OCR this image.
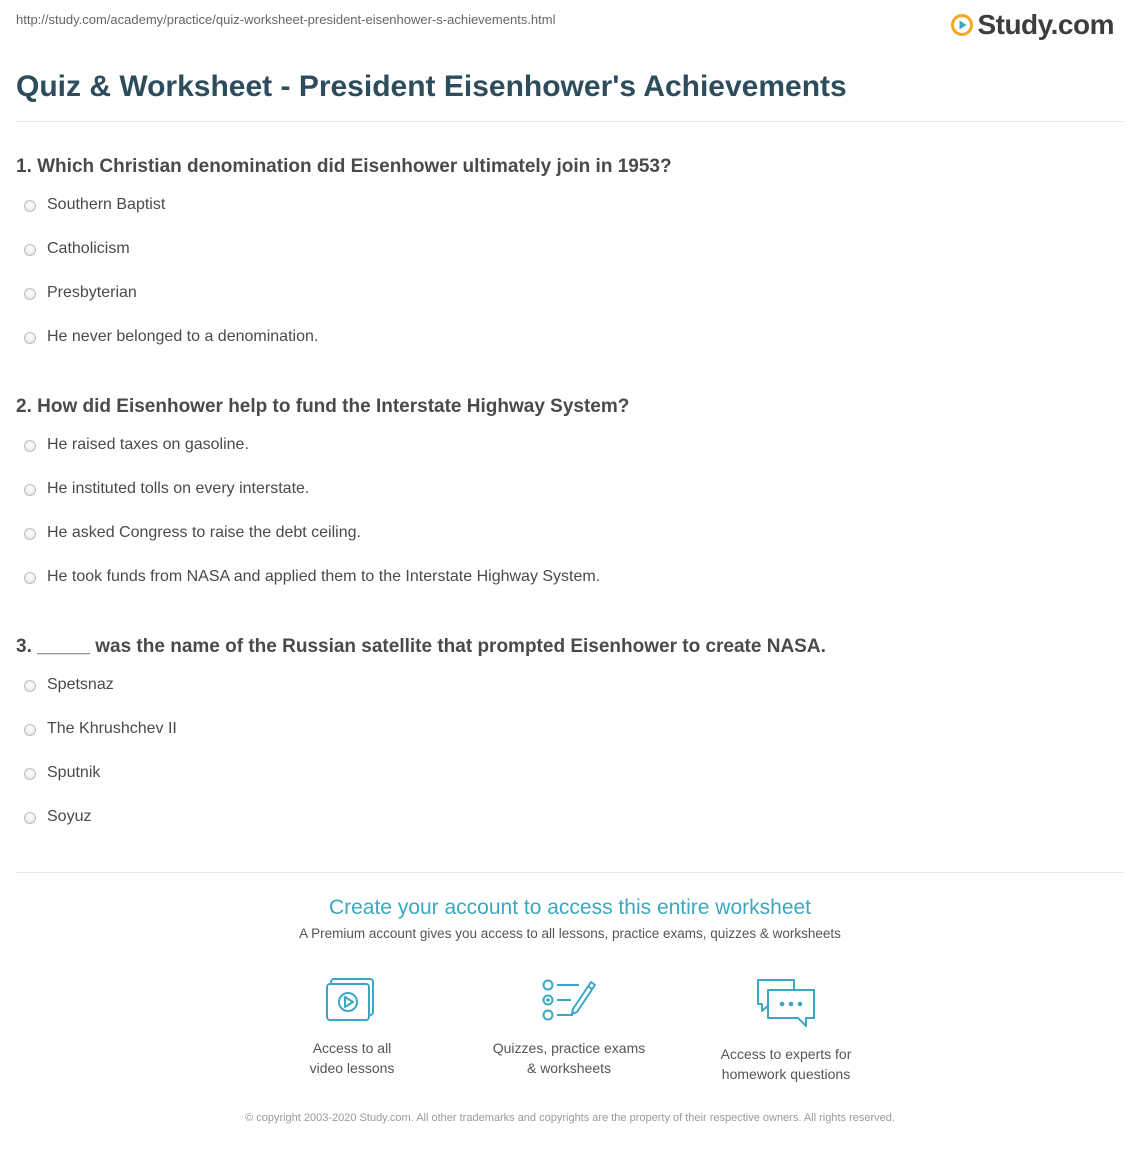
http://study.com/academy/practice/quiz-worksheet-president-eisenhower-s-achievements.html	Study.com
Quiz & Worksheet - President Eisenhower's Achievements
1. Which Christian denomination did Eisenhower ultimately join in 1953?
Southern Baptist
Catholicism
Presbyterian
He never belonged to a denomination.
2. How did Eisenhower help to fund the Interstate Highway System?
He raised taxes on gasoline.
He instituted tolls on every interstate.
He asked Congress to raise the debt ceiling.
He took funds from NASA and applied them to the Interstate Highway System.
3. _____ was the name of the Russian satellite that prompted Eisenhower to create NASA.
Spetsnaz
The Khrushchev II
Sputnik
Soyuz
Create your account to access this entire worksheet
A Premium account gives you access to all lessons, practice exams, quizzes & worksheets
Access to all
video lessons
Quizzes, practice exams
& worksheets
Access to experts for
homework questions
© copyright 2003-2020 Study.com. All other trademarks and copyrights are the property of their respective owners. All rights reserved.
